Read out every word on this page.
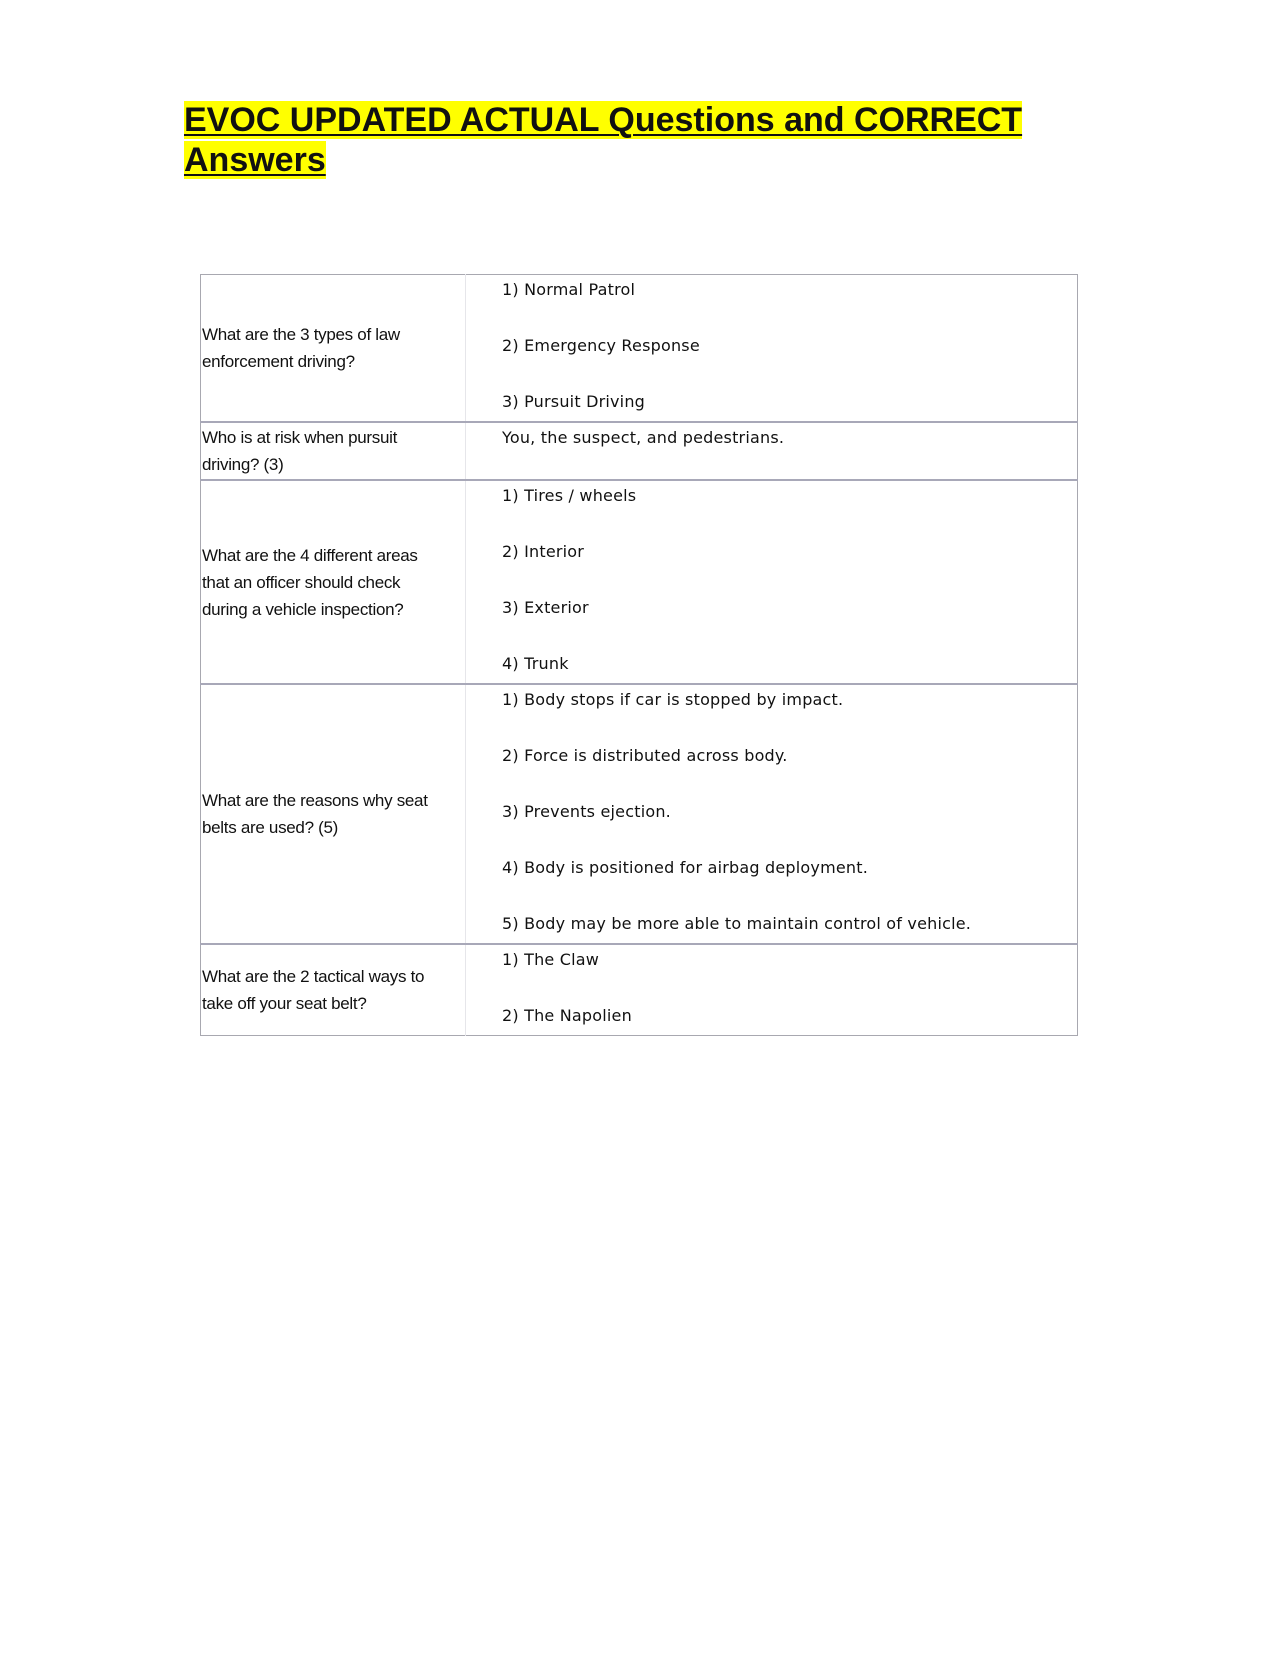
EVOC UPDATED ACTUAL Questions and CORRECT Answers
What are the 3 types of law enforcement driving?	1) Normal Patrol
2) Emergency Response
3) Pursuit Driving

Who is at risk when pursuit driving? (3)	You, the suspect, and pedestrians.

What are the 4 different areas that an officer should check during a vehicle inspection?	1) Tires / wheels
2) Interior
3) Exterior
4) Trunk

What are the reasons why seat belts are used? (5)	1) Body stops if car is stopped by impact.
2) Force is distributed across body.
3) Prevents ejection.
4) Body is positioned for airbag deployment.
5) Body may be more able to maintain control of vehicle.

What are the 2 tactical ways to take off your seat belt?	1) The Claw
2) The Napolien
